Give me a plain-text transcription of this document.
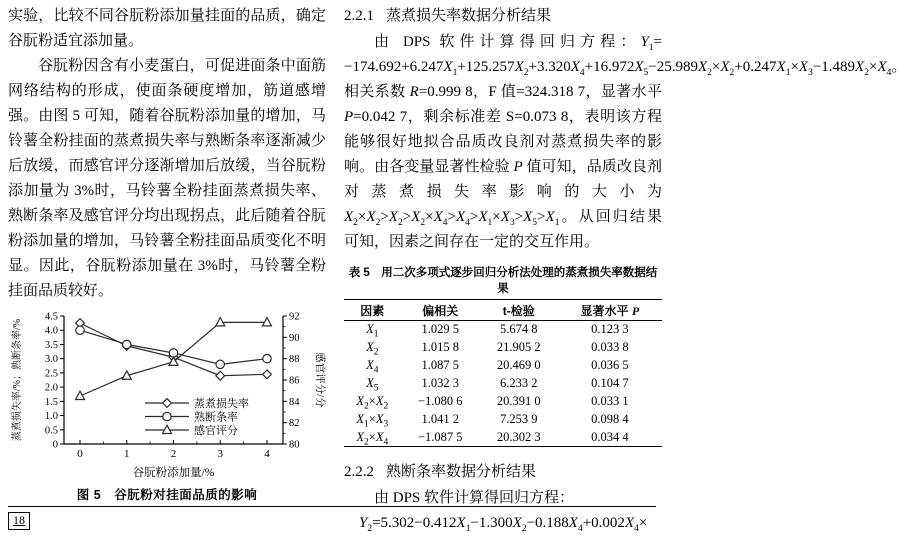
实验，比较不同谷朊粉添加量挂面的品质，确定谷朊粉适宜添加量。

谷朊粉因含有小麦蛋白，可促进面条中面筋网络结构的形成，使面条硬度增加，筋道感增强。由图 5 可知，随着谷朊粉添加量的增加，马铃薯全粉挂面的蒸煮损失率与熟断条率逐渐减少后放缓，而感官评分逐渐增加后放缓，当谷朊粉添加量为 3%时，马铃薯全粉挂面蒸煮损失率、熟断条率及感官评分均出现拐点，此后随着谷朊粉添加量的增加，马铃薯全粉挂面品质变化不明显。因此，谷朊粉添加量在 3%时，马铃薯全粉挂面品质较好。

0
0.5
1.0
1.5
2.0
2.5
3.0
3.5
4.0
4.5
80
82
84
86
88
90
92
0	1	2	3	4
蒸煮损失率/%；熟断条率/%	感官评分/分
谷朊粉添加量/%
蒸煮损失率
熟断条率
感官评分
图 5　谷朊粉对挂面品质的影响
2.2.1 蒸煮损失率数据分析结果

由 DPS 软件计算得回归方程：$Y_1= -174.692+6.247X_1+125.257X_2+3.320X_4+16.972X_5-25.989X_2\times X_2+0.247X_1\times X_3-1.489X_2\times X_4$。相关系数 R=0.999 8，F 值=324.318 7，显著水平 P=0.042 7，剩余标准差 S=0.073 8，表明该方程能够很好地拟合品质改良剂对蒸煮损失率的影响。由各变量显著性检验 P 值可知，品质改良剂对蒸煮损失率影响的大小为 $X_2\times X_2>X_2>X_2\times X_4>X_4>X_1\times X_3>X_5>X_1$。从回归结果可知，因素之间存在一定的交互作用。

表 5　用二次多项式逐步回归分析法处理的蒸煮损失率数据结果
因素	偏相关	t-检验	显著水平 P
$X_1$	1.029 5	5.674 8	0.123 3
$X_2$	1.015 8	21.905 2	0.033 8
$X_4$	1.087 5	20.469 0	0.036 5
$X_5$	1.032 3	6.233 2	0.104 7
$X_2\times X_2$	−1.080 6	20.391 0	0.033 1
$X_1\times X_3$	1.041 2	7.253 9	0.098 4
$X_2\times X_4$	−1.087 5	20.302 3	0.034 4
2.2.2 熟断条率数据分析结果

由 DPS 软件计算得回归方程：

$Y_2=5.302-0.412X_1-1.300X_2-0.188X_4+0.002X_4\times$

18
